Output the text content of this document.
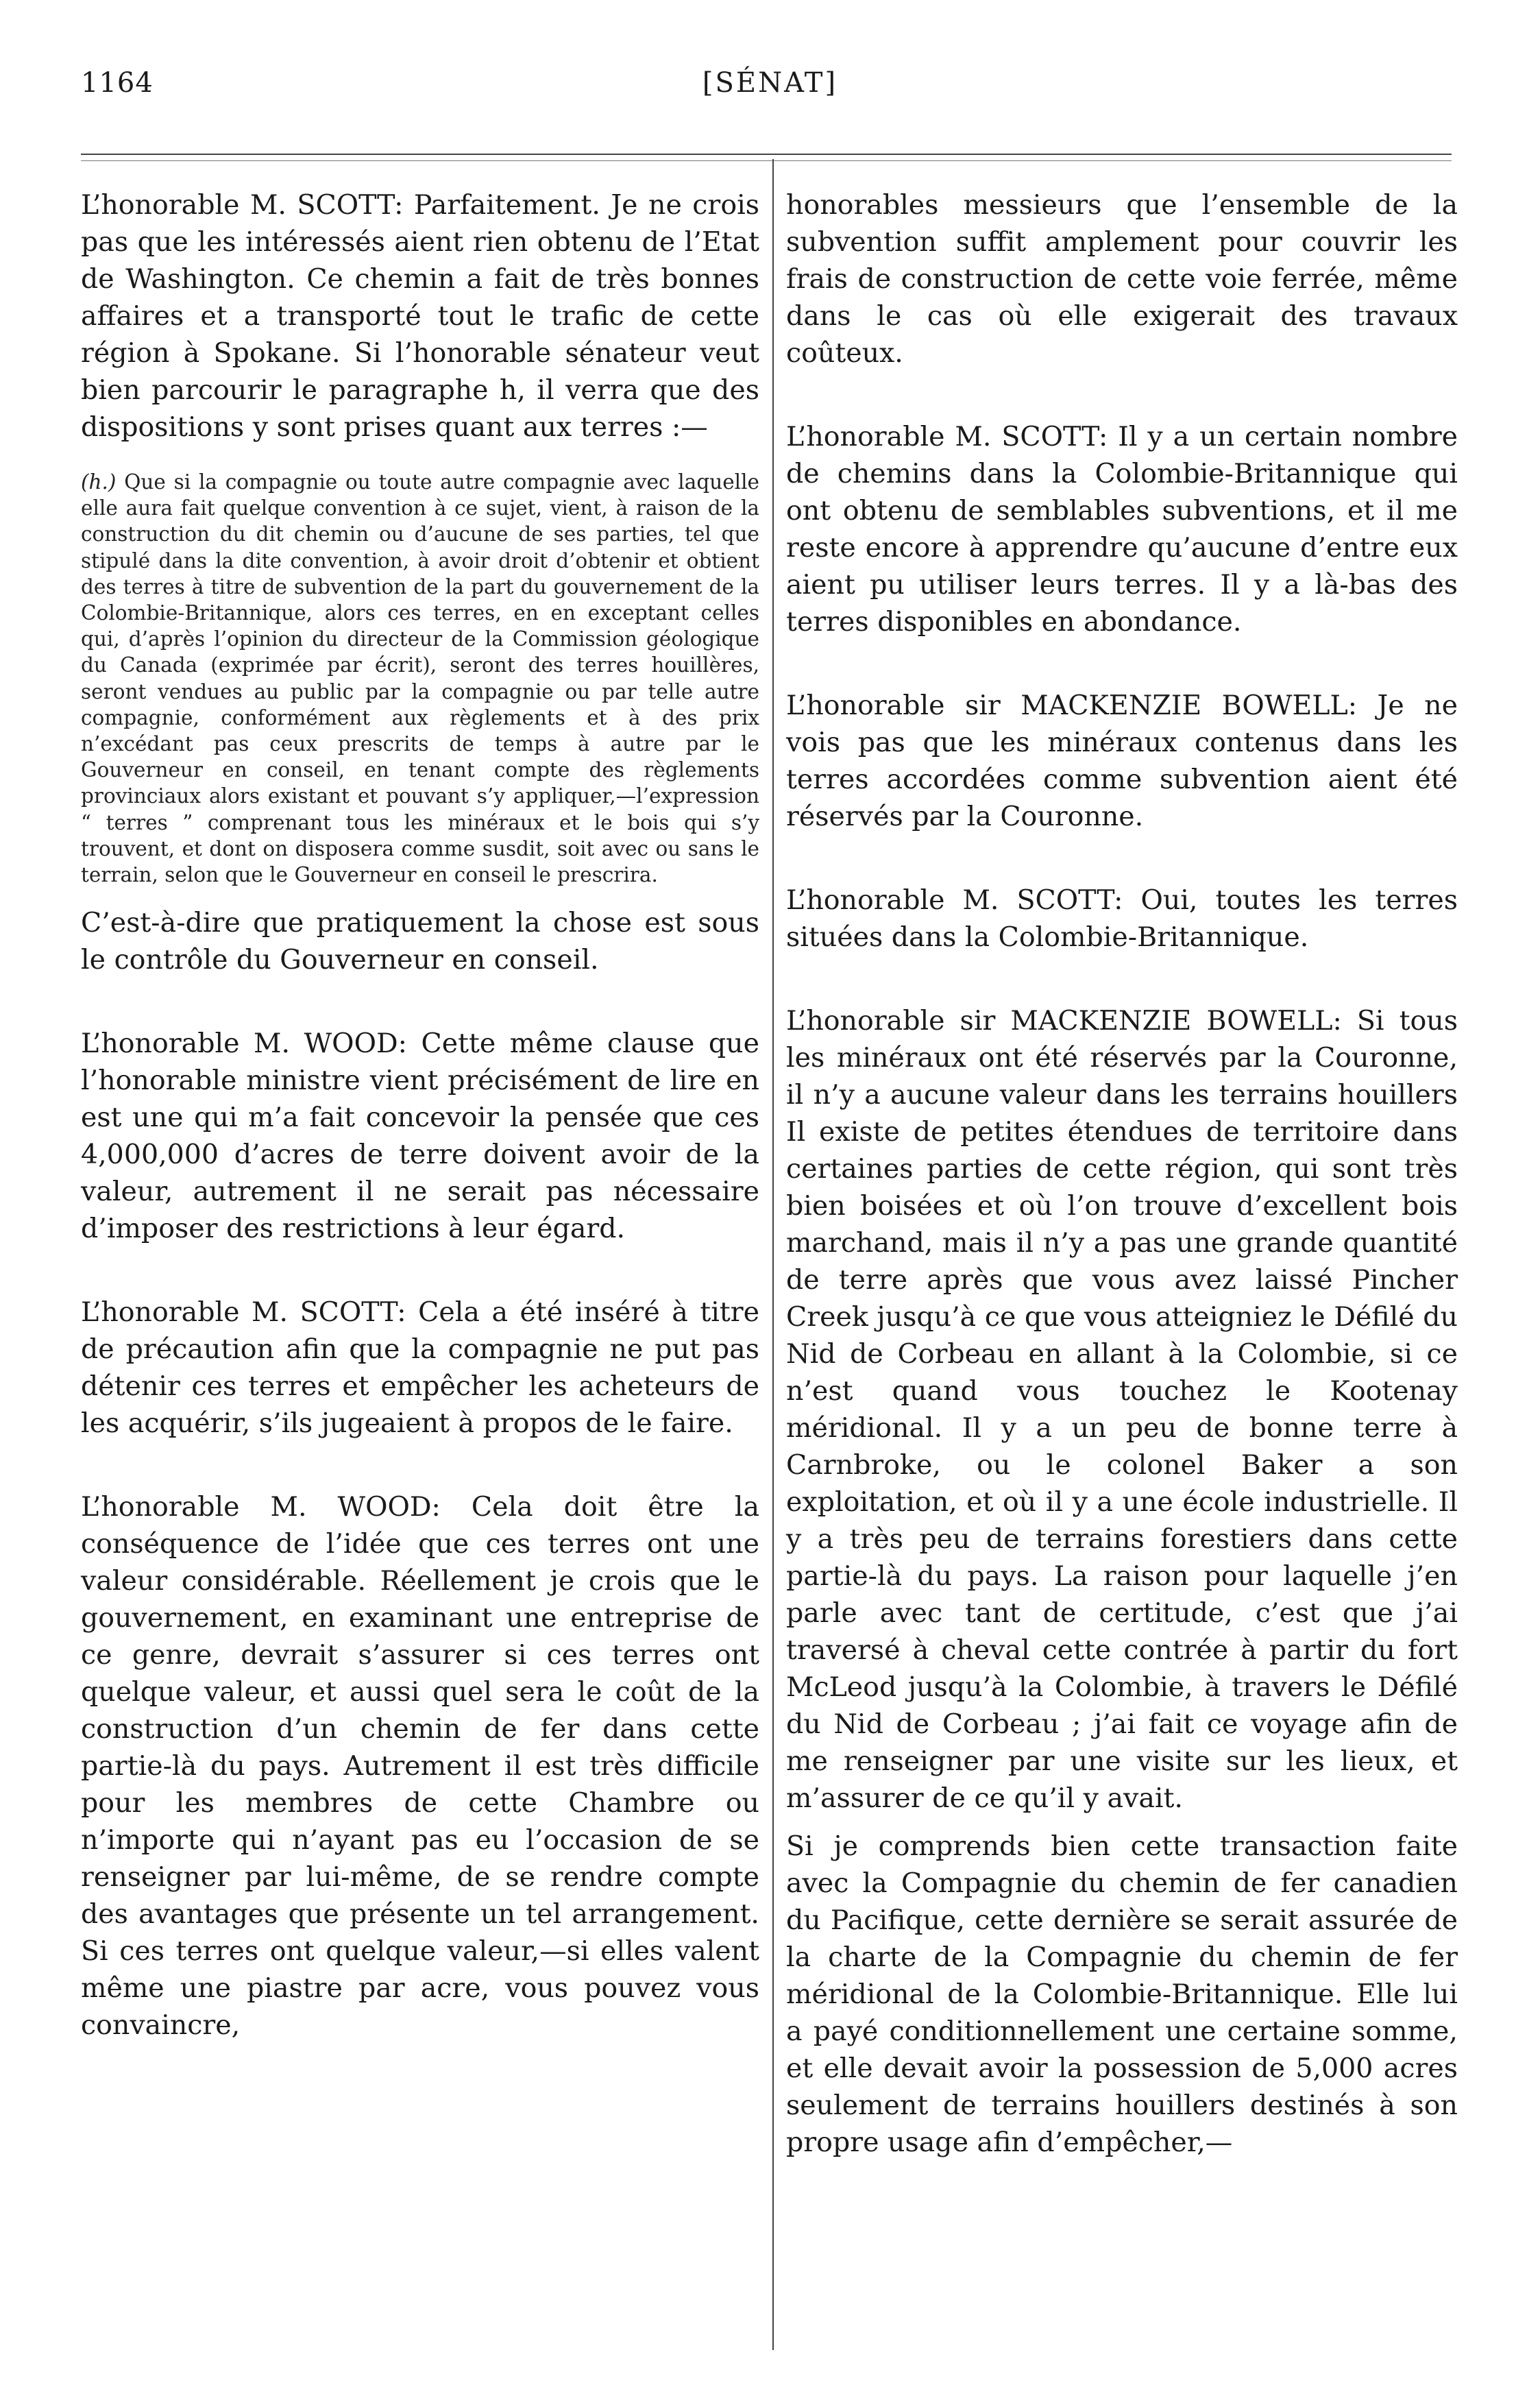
1164	[SÉNAT]

L’honorable M. SCOTT: Parfaitement. Je ne crois pas que les intéressés aient rien obtenu de l’Etat de Washington. Ce chemin a fait de très bonnes affaires et a transporté tout le trafic de cette région à Spokane. Si l’honorable sénateur veut bien parcourir le paragraphe h, il verra que des dispositions y sont prises quant aux terres :—

(h.) Que si la compagnie ou toute autre compagnie avec laquelle elle aura fait quelque convention à ce sujet, vient, à raison de la construction du dit chemin ou d’aucune de ses parties, tel que stipulé dans la dite convention, à avoir droit d’obtenir et obtient des terres à titre de subvention de la part du gouvernement de la Colombie-Britannique, alors ces terres, en en exceptant celles qui, d’après l’opinion du directeur de la Commission géologique du Canada (exprimée par écrit), seront des terres houillères, seront vendues au public par la compagnie ou par telle autre compagnie, conformément aux règlements et à des prix n’excédant pas ceux prescrits de temps à autre par le Gouverneur en conseil, en tenant compte des règlements provinciaux alors existant et pouvant s’y appliquer,—l’expression “ terres ” comprenant tous les minéraux et le bois qui s’y trouvent, et dont on disposera comme susdit, soit avec ou sans le terrain, selon que le Gouverneur en conseil le prescrira.

C’est-à-dire que pratiquement la chose est sous le contrôle du Gouverneur en conseil.

L’honorable M. WOOD: Cette même clause que l’honorable ministre vient précisément de lire en est une qui m’a fait concevoir la pensée que ces 4,000,000 d’acres de terre doivent avoir de la valeur, autrement il ne serait pas nécessaire d’imposer des restrictions à leur égard.

L’honorable M. SCOTT: Cela a été inséré à titre de précaution afin que la compagnie ne put pas détenir ces terres et empêcher les acheteurs de les acquérir, s’ils jugeaient à propos de le faire.

L’honorable M. WOOD: Cela doit être la conséquence de l’idée que ces terres ont une valeur considérable. Réellement je crois que le gouvernement, en examinant une entreprise de ce genre, devrait s’assurer si ces terres ont quelque valeur, et aussi quel sera le coût de la construction d’un chemin de fer dans cette partie-là du pays. Autrement il est très difficile pour les membres de cette Chambre ou n’importe qui n’ayant pas eu l’occasion de se renseigner par lui-même, de se rendre compte des avantages que présente un tel arrangement. Si ces terres ont quelque valeur,—si elles valent même une piastre par acre, vous pouvez vous convaincre,

honorables messieurs que l’ensemble de la subvention suffit amplement pour couvrir les frais de construction de cette voie ferrée, même dans le cas où elle exigerait des travaux coûteux.

L’honorable M. SCOTT: Il y a un certain nombre de chemins dans la Colombie-Britannique qui ont obtenu de semblables subventions, et il me reste encore à apprendre qu’aucune d’entre eux aient pu utiliser leurs terres. Il y a là-bas des terres disponibles en abondance.

L’honorable sir MACKENZIE BOWELL: Je ne vois pas que les minéraux contenus dans les terres accordées comme subvention aient été réservés par la Couronne.

L’honorable M. SCOTT: Oui, toutes les terres situées dans la Colombie-Britannique.

L’honorable sir MACKENZIE BOWELL: Si tous les minéraux ont été réservés par la Couronne, il n’y a aucune valeur dans les terrains houillers Il existe de petites étendues de territoire dans certaines parties de cette région, qui sont très bien boisées et où l’on trouve d’excellent bois marchand, mais il n’y a pas une grande quantité de terre après que vous avez laissé Pincher Creek jusqu’à ce que vous atteigniez le Défilé du Nid de Corbeau en allant à la Colombie, si ce n’est quand vous touchez le Kootenay méridional. Il y a un peu de bonne terre à Carnbroke, ou le colonel Baker a son exploitation, et où il y a une école industrielle. Il y a très peu de terrains forestiers dans cette partie-là du pays. La raison pour laquelle j’en parle avec tant de certitude, c’est que j’ai traversé à cheval cette contrée à partir du fort McLeod jusqu’à la Colombie, à travers le Défilé du Nid de Corbeau ; j’ai fait ce voyage afin de me renseigner par une visite sur les lieux, et m’assurer de ce qu’il y avait.

Si je comprends bien cette transaction faite avec la Compagnie du chemin de fer canadien du Pacifique, cette dernière se serait assurée de la charte de la Compagnie du chemin de fer méridional de la Colombie-Britannique. Elle lui a payé conditionnellement une certaine somme, et elle devait avoir la possession de 5,000 acres seulement de terrains houillers destinés à son propre usage afin d’empêcher,—
